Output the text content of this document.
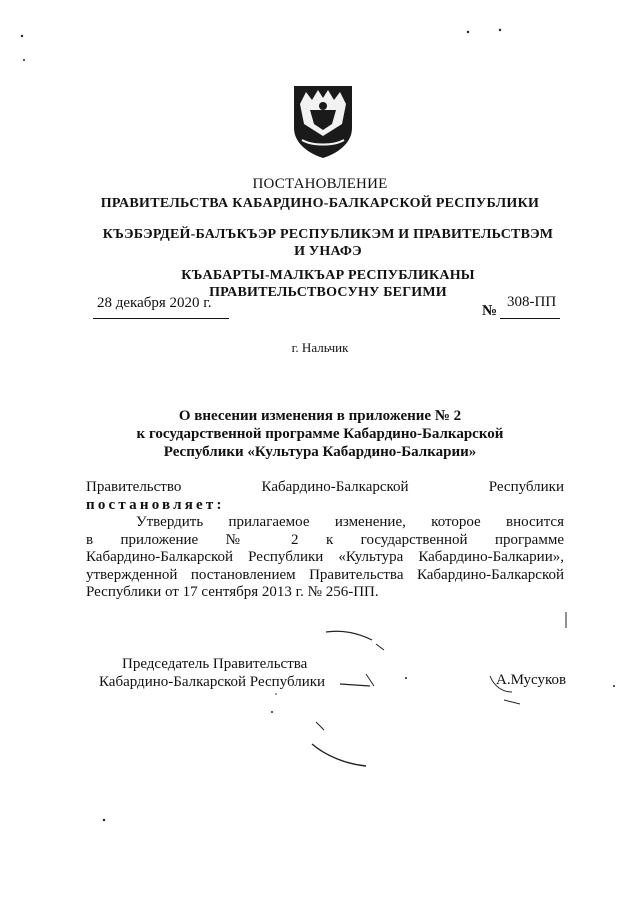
ПОСТАНОВЛЕНИЕ
ПРАВИТЕЛЬСТВА КАБАРДИНО-БАЛКАРСКОЙ РЕСПУБЛИКИ
КЪЭБЭРДЕЙ-БАЛЪКЪЭР РЕСПУБЛИКЭМ И ПРАВИТЕЛЬСТВЭМ И УНАФЭ
КЪАБАРТЫ-МАЛКЪАР РЕСПУБЛИКАНЫ ПРАВИТЕЛЬСТВОСУНУ БЕГИМИ
28 декабря 2020 г.	№
308-ПП
г. Нальчик
О внесении изменения в приложение № 2
к государственной программе Кабардино-Балкарской
Республики «Культура Кабардино-Балкарии»
Правительство Кабардино-Балкарской Республики
постановляет:
Утвердить прилагаемое изменение, которое вносится
в приложение № 2 к государственной программе
Кабардино-Балкарской Республики «Культура Кабардино-Балкарии»,
утвержденной постановлением Правительства Кабардино-Балкарской
Республики от 17 сентября 2013 г. № 256-ПП.
Председатель Правительства
Кабардино-Балкарской Республики	А.Мусуков
